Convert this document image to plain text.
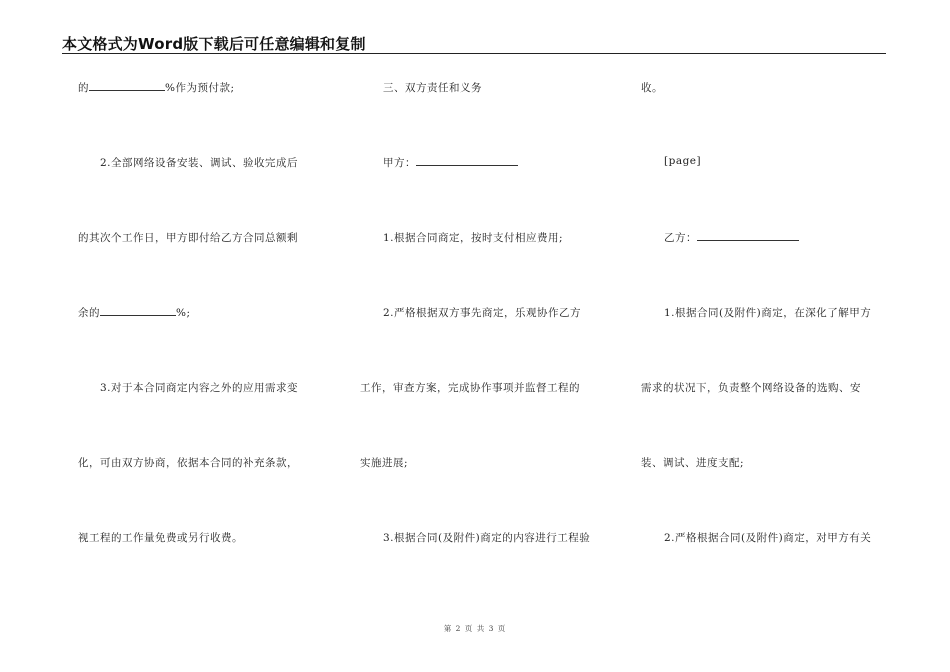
本文格式为Word版下载后可任意编辑和复制
的	%作为预付款;
2.全部网络设备安装、调试、验收完成后
的其次个工作日，甲方即付给乙方合同总额剩
余的	%;
3.对于本合同商定内容之外的应用需求变
化，可由双方协商，依据本合同的补充条款，
视工程的工作量免费或另行收费。
三、双方责任和义务
甲方：
1.根据合同商定，按时支付相应费用;
2.严格根据双方事先商定，乐观协作乙方
工作，审查方案，完成协作事项并监督工程的
实施进展;
3.根据合同(及附件)商定的内容进行工程验
收。
[page]
乙方：
1.根据合同(及附件)商定，在深化了解甲方
需求的状况下，负责整个网络设备的选购、安
装、调试、进度支配;
2.严格根据合同(及附件)商定，对甲方有关
第 2 页 共 3 页
